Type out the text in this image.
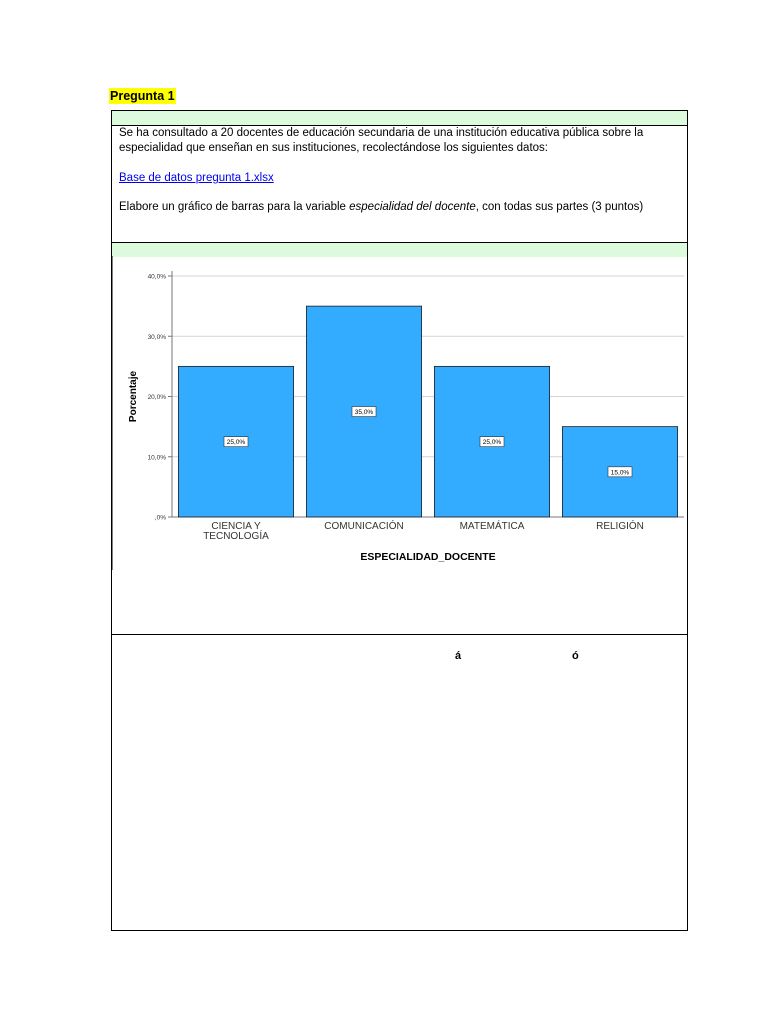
Pregunta 1
Se ha consultado a 20 docentes de educación secundaria de una institución educativa pública sobre la especialidad que enseñan en sus instituciones, recolectándose los siguientes datos:
Base de datos pregunta 1.xlsx
Elabore un gráfico de barras para la variable especialidad del docente, con todas sus partes (3 puntos)
,0%
10,0%
20,0%
30,0%
40,0%
25,0%
CIENCIA Y
TECNOLOGÍA
35,0%
COMUNICACIÓN
25,0%
MATEMÁTICA
15,0%
RELIGIÓN
Porcentaje
ESPECIALIDAD_DOCENTE
á	ó
